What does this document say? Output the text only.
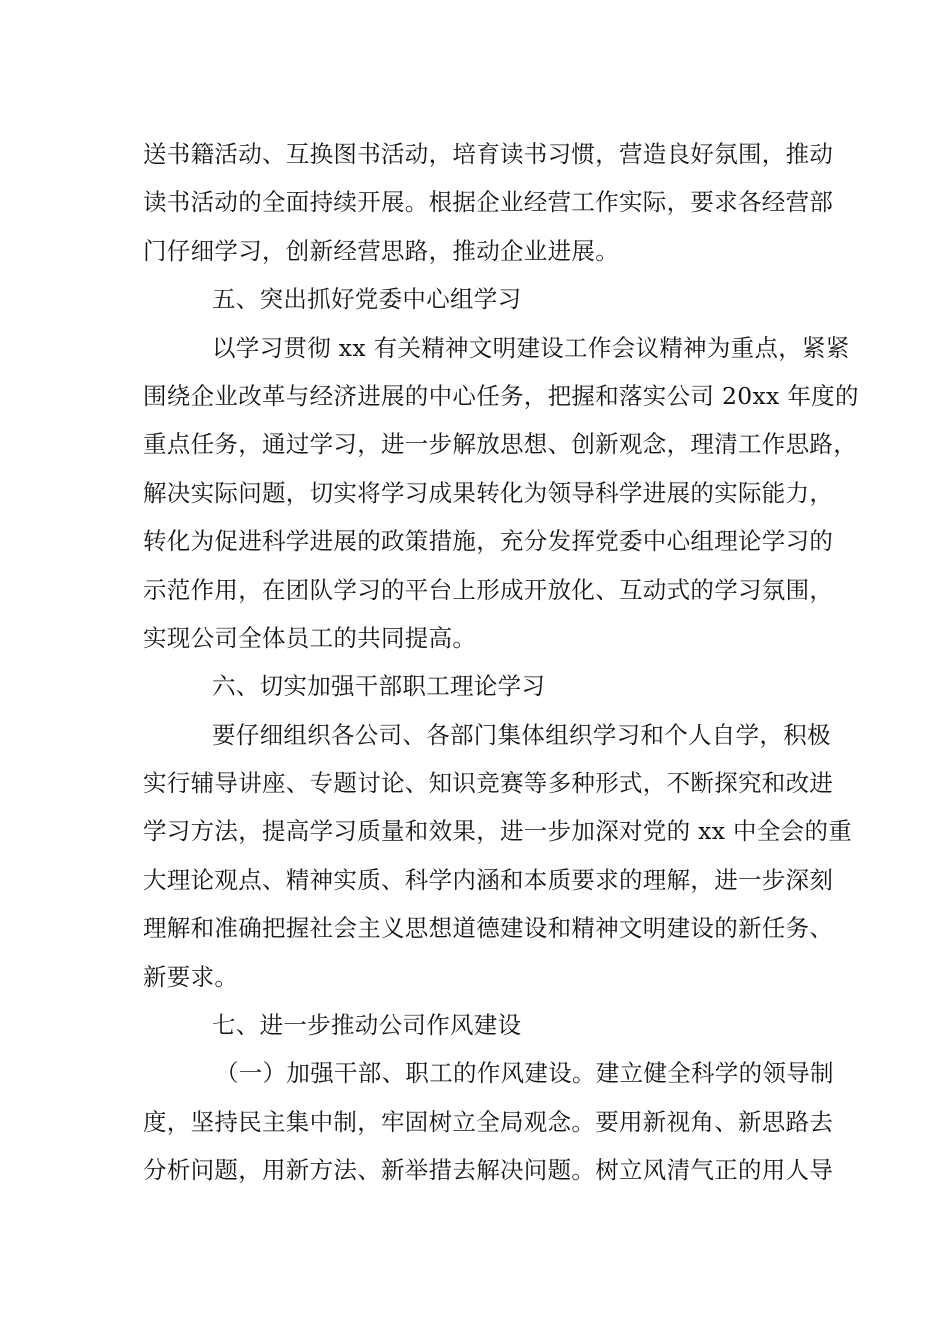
送书籍活动、互换图书活动，培育读书习惯，营造良好氛围，推动
读书活动的全面持续开展。根据企业经营工作实际，要求各经营部
门仔细学习，创新经营思路，推动企业进展。
五、突出抓好党委中心组学习
以学习贯彻 xx 有关精神文明建设工作会议精神为重点，紧紧
围绕企业改革与经济进展的中心任务，把握和落实公司 20xx 年度的
重点任务，通过学习，进一步解放思想、创新观念，理清工作思路，
解决实际问题，切实将学习成果转化为领导科学进展的实际能力，
转化为促进科学进展的政策措施，充分发挥党委中心组理论学习的
示范作用，在团队学习的平台上形成开放化、互动式的学习氛围，
实现公司全体员工的共同提高。
六、切实加强干部职工理论学习
要仔细组织各公司、各部门集体组织学习和个人自学，积极
实行辅导讲座、专题讨论、知识竞赛等多种形式，不断探究和改进
学习方法，提高学习质量和效果，进一步加深对党的 xx 中全会的重
大理论观点、精神实质、科学内涵和本质要求的理解，进一步深刻
理解和准确把握社会主义思想道德建设和精神文明建设的新任务、
新要求。
七、进一步推动公司作风建设
（一）加强干部、职工的作风建设。建立健全科学的领导制
度，坚持民主集中制，牢固树立全局观念。要用新视角、新思路去
分析问题，用新方法、新举措去解决问题。树立风清气正的用人导
